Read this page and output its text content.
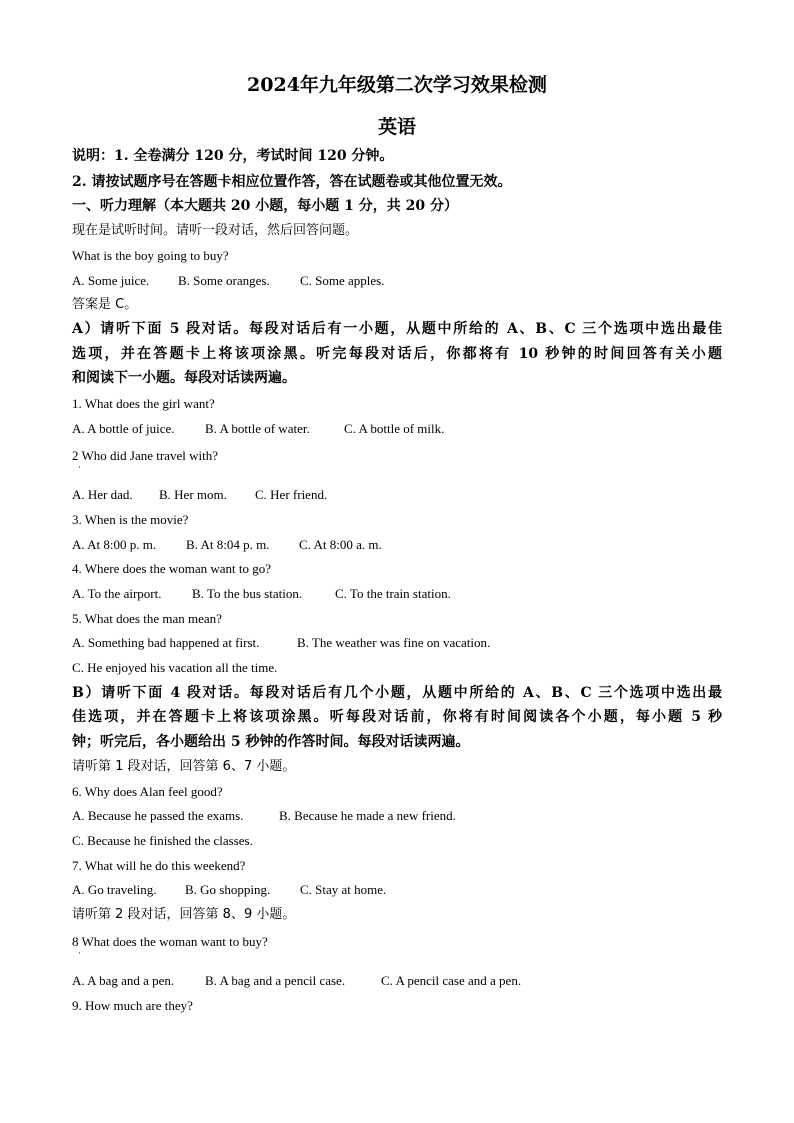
2024年九年级第二次学习效果检测
英语
说明：1. 全卷满分 120 分，考试时间 120 分钟。
2. 请按试题序号在答题卡相应位置作答，答在试题卷或其他位置无效。
一、听力理解（本大题共 20 小题，每小题 1 分，共 20 分）
现在是试听时间。请听一段对话，然后回答问题。
What is the boy going to buy?
A. Some juice. B. Some oranges. C. Some apples.
答案是 C。
A）请听下面 5 段对话。每段对话后有一小题，从题中所给的 A、B、C 三个选项中选出最佳
选项，并在答题卡上将该项涂黑。听完每段对话后，你都将有 10 秒钟的时间回答有关小题
和阅读下一小题。每段对话读两遍。
1. What does the girl want?
A. A bottle of juice. B. A bottle of water.	C. A bottle of milk.
2 Who did Jane travel with?
·
A. Her dad. B. Her mom. C. Her friend.
3. When is the movie?
A. At 8:00 p. m. B. At 8:04 p. m. C. At 8:00 a. m.
4. Where does the woman want to go?
A. To the airport. B. To the bus station.	C. To the train station.
5. What does the man mean?
A. Something bad happened at first.	B. The weather was fine on vacation.
C. He enjoyed his vacation all the time.
B）请听下面 4 段对话。每段对话后有几个小题，从题中所给的 A、B、C 三个选项中选出最
佳选项，并在答题卡上将该项涂黑。听每段对话前，你将有时间阅读各个小题，每小题 5 秒
钟；听完后，各小题给出 5 秒钟的作答时间。每段对话读两遍。
请听第 1 段对话，回答第 6、7 小题。
6. Why does Alan feel good?
A. Because he passed the exams.	B. Because he made a new friend.
C. Because he finished the classes.
7. What will he do this weekend?
A. Go traveling. B. Go shopping. C. Stay at home.
请听第 2 段对话，回答第 8、9 小题。
8 What does the woman want to buy?
·
A. A bag and a pen. B. A bag and a pencil case.	C. A pencil case and a pen.
9. How much are they?
